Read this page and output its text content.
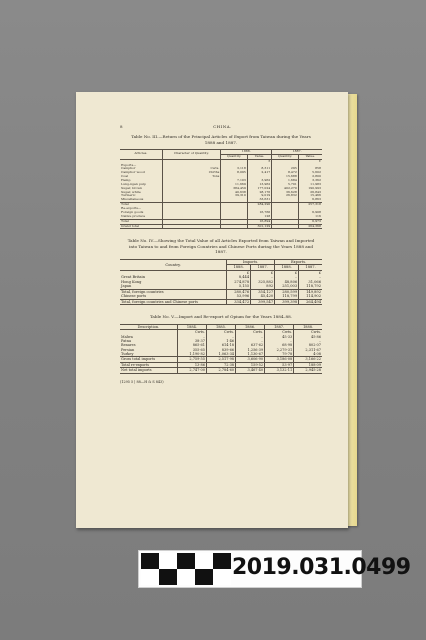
8	CHINA.
Table No. III.—Return of the Principal Articles of Export from Taiwan during the Years 1888 and 1887.
Articles.	Character of Quantity.	1888.		1887.	
		Quantity.	Value.	Quantity.	Value.
			£		£
Exports—					
Camphor	Cwts.	3,118	8,311	295	858
Camphor wood	Cbrths	8,095	2,417	8,472	5,602
Coal	Tons			15,688	2,800
Hemp		7,103	3,962	1,684	3,362
Lung-ngan pulp		11,669	13,962	5,701	11,983
Sugar, brown		384,459	177,024	402,270	190,993
Sugar, white		40,638	28,176	36,628	26,843
Turmeric		39,310	9,019	26,832	15,466
Miscellaneous			33,631		6,863
Total			284,290		257,318
Re-exports—					
Foreign goods			16,766		6,908
Native produce			128		116
Total			16,894		6,973
Grand total			301,129		264,368
Table No. IV.—Showing the Total Value of all Articles Exported from Taiwan and Imported into Taiwan to and from Foreign Countries and Chinese Ports during the Years 1888 and 1887.
Country.	Imports.		Exports.	
	1888.	1887.	1888.	1887.
	£	£	£	£
Great Britain	8,444	..	..	..
Hong Kong	274,878	325,882	48,806	31,066
Japan	5,155	892	251,003	118,792
Total, foreign countries	280,476	354,127	280,599	149,892
Chinese ports	53,996	45,420	118,799	114,902
Total, foreign countries and Chinese ports	334,472	399,547	399,398	264,494
Table No. V.—Import and Re-export of Opium for the Years 1884–88.
Description.	1884.	1885.	1886.	1887.	1888.
	Cwts.	Cwts.	Cwts.	Cwts.	Cwts.
Malwa	..	..	..	45·33	45·86
Patna	38·37	1·46	..	..	..
Benares	865·61	614·18	637·62	68·98	802·07
Persian	355·65	839·66	1,256·39	2,279·31	2,311·67
Turkey	1,190·82	1,063·34	1,130·67	79·78	4·08
Gross total imports	2,759·55	2,517·98	3,606·90	3,186·08	3,166·22
Total re-exports	13·86	72·38	159·52	53·97	188·09
Net total imports	2,747·00	2,784·60	3,467·40	3,132·11	2,945·28
(1295 5 | 88—H & S 843)
2019.031.0499
